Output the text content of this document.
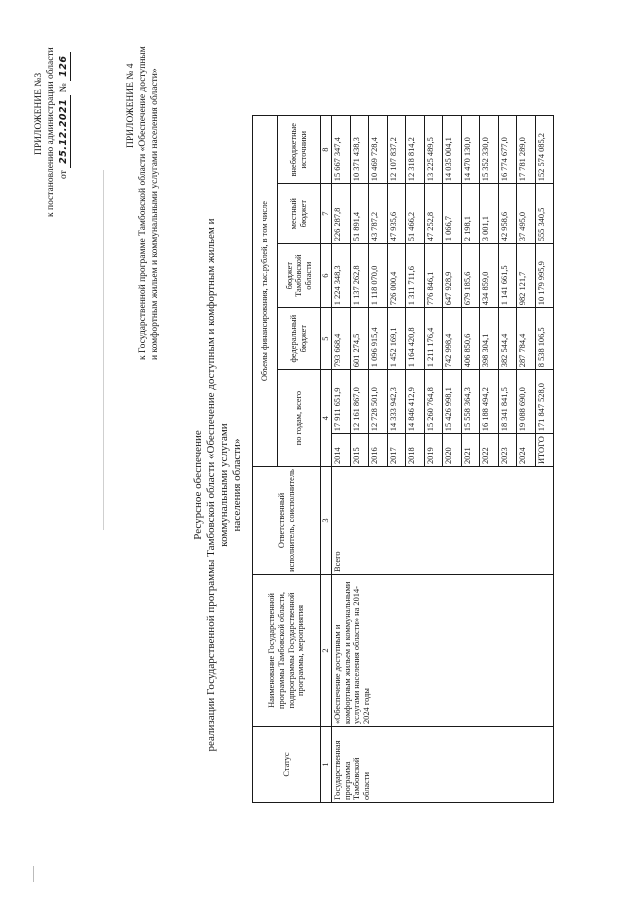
ПРИЛОЖЕНИЕ №3 к постановлению администрации области от 25.12.2021 № 126	ПРИЛОЖЕНИЕ № 4 к Государственной программе Тамбовской области «Обеспечение доступным и комфортным жильем и коммунальными услугами населения области»
Ресурсное обеспечение реализации Государственной программы Тамбовской области «Обеспечение доступным и комфортным жильем и коммунальными услугами населения области»
Статус	Наименование Государственной программы Тамбовской области, подпрограммы Государственной программы, мероприятия	Ответственный исполнитель, соисполнитель	Объемы финансирования, тыс.рублей, в том числе					
			по годам, всего		федеральный бюджет	бюджет Тамбовской области	местный бюджет	внебюджетные источники
1	2	3	4		5	6	7	8
Государственная программа Тамбовской области	«Обеспечение доступным и комфортным жильем и коммунальными услугами населения области» на 2014-2024 годы	Всего	2014	17 911 651,9	793 668,4	1 224 348,3	226 287,8	15 667 347,4
			2015	12 161 867,0	601 274,5	1 137 262,8	51 891,4	10 371 438,3
			2016	12 728 501,0	1 096 915,4	1 118 070,0	43 787,2	10 469 728,4
			2017	14 333 942,3	1 452 169,1	726 000,4	47 935,6	12 107 837,2
			2018	14 846 412,9	1 164 420,8	1 311 711,6	51 466,2	12 318 814,2
			2019	15 260 764,8	1 211 176,4	776 846,1	47 252,8	13 225 489,5
			2020	15 426 998,1	742 998,4	647 928,9	1 066,7	14 035 004,1
			2021	15 558 364,3	406 850,6	679 185,6	2 198,1	14 470 130,0
			2022	16 188 494,2	398 304,1	434 859,0	3 001,1	15 352 330,0
			2023	18 341 841,5	382 544,4	1 141 661,5	42 958,6	16 774 677,0
			2024	19 088 690,0	287 784,4	982 121,7	37 495,0	17 781 289,0
			ИТОГО	171 847 528,0	8 538 106,5	10 179 995,9	555 340,5	152 574 085,2
